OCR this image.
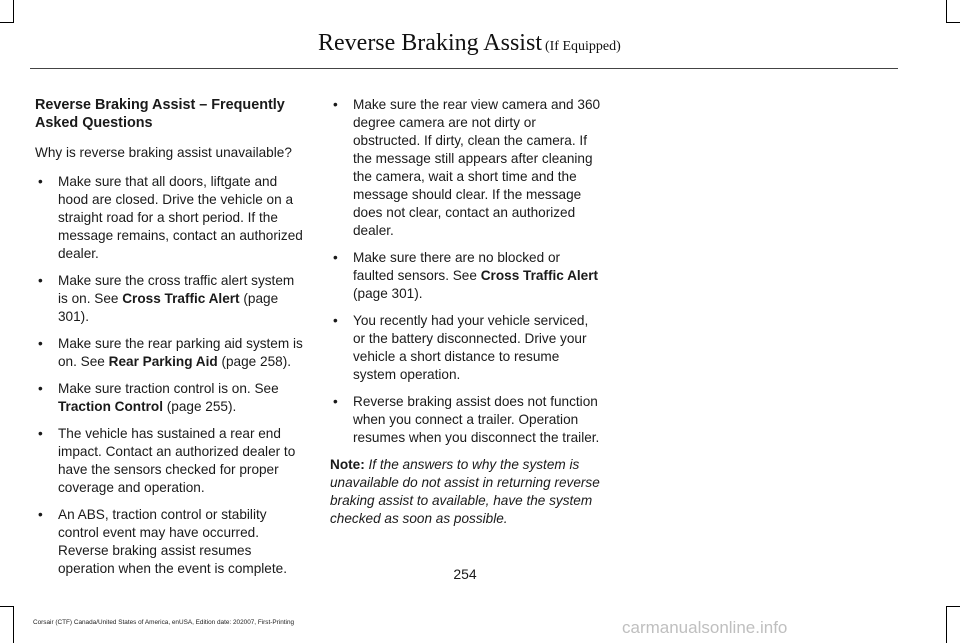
Reverse Braking Assist (If Equipped)
Reverse Braking Assist – Frequently Asked Questions

Why is reverse braking assist unavailable?

• Make sure that all doors, liftgate and hood are closed. Drive the vehicle on a straight road for a short period. If the message remains, contact an authorized dealer.
• Make sure the cross traffic alert system is on. See Cross Traffic Alert (page 301).
• Make sure the rear parking aid system is on. See Rear Parking Aid (page 258).
• Make sure traction control is on. See
Traction Control (page 255).
• The vehicle has sustained a rear end impact. Contact an authorized dealer to have the sensors checked for proper coverage and operation.
• An ABS, traction control or stability control event may have occurred. Reverse braking assist resumes operation when the event is complete.
• Make sure the rear view camera and 360 degree camera are not dirty or obstructed. If dirty, clean the camera. If the message still appears after cleaning the camera, wait a short time and the message should clear. If the message does not clear, contact an authorized dealer.
• Make sure there are no blocked or faulted sensors. See Cross Traffic Alert (page 301).
• You recently had your vehicle serviced, or the battery disconnected. Drive your vehicle a short distance to resume system operation.
• Reverse braking assist does not function when you connect a trailer. Operation resumes when you disconnect the trailer.

Note: If the answers to why the system is unavailable do not assist in returning reverse braking assist to available, have the system checked as soon as possible.

254
Corsair (CTF) Canada/United States of America, enUSA, Edition date: 202007, First-Printing	carmanualsonline.info
